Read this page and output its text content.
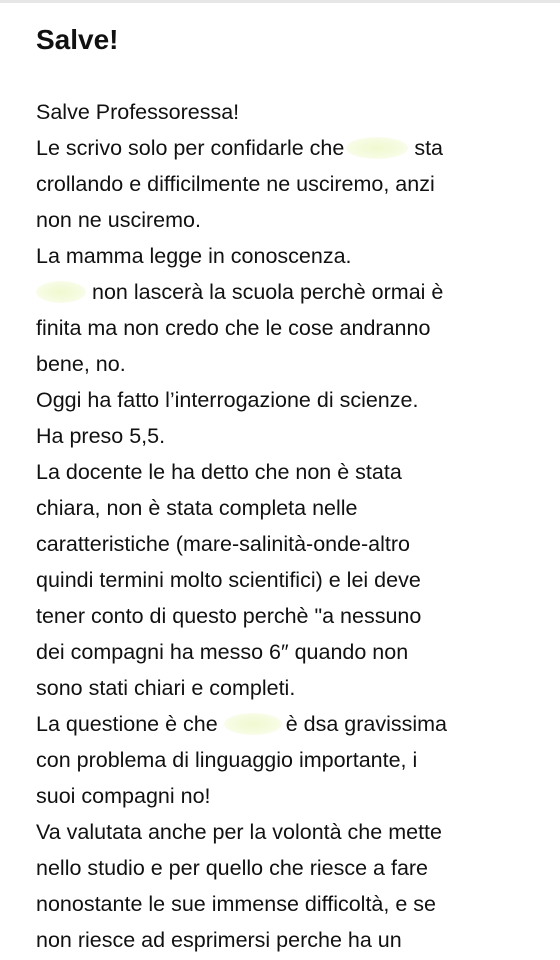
Salve!
Salve Professoressa!
Le scrivo solo per confidarle che	sta
crollando e difficilmente ne usciremo, anzi
non ne usciremo.
La mamma legge in conoscenza.
non lascerà la scuola perchè ormai è
finita ma non credo che le cose andranno
bene, no.
Oggi ha fatto l’interrogazione di scienze.
Ha preso 5,5.
La docente le ha detto che non è stata
chiara, non è stata completa nelle
caratteristiche (mare-salinità-onde-altro
quindi termini molto scientifici) e lei deve
tener conto di questo perchè "a nessuno
dei compagni ha messo 6″ quando non
sono stati chiari e completi.
La questione è che	è dsa gravissima
con problema di linguaggio importante, i
suoi compagni no!
Va valutata anche per la volontà che mette
nello studio e per quello che riesce a fare
nonostante le sue immense difficoltà, e se
non riesce ad esprimersi perche ha un
